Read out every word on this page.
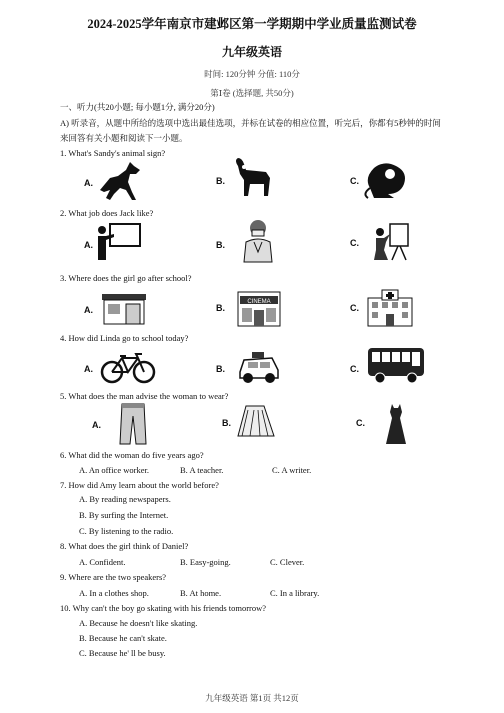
2024-2025学年南京市建邺区第一学期期中学业质量监测试卷
九年级英语
时间: 120分钟 分值: 110分
第Ⅰ卷 (选择题, 共50分)
一、听力(共20小题; 每小题1分, 满分20分)
A) 听录音，从题中所给的选项中选出最佳选项，并标在试卷的相应位置，听完后，你都有5秒钟的时间来回答有关小题和阅读下一小题。
1. What's Sandy's animal sign?
A.	B.	C.
2. What job does Jack like?
A.	B.	C.
3. Where does the girl go after school?
A.	B.	C.
CINEMA
4. How did Linda go to school today?
A.	B.	C.
5. What does the man advise the woman to wear?
A.	B.	C.
6. What did the woman do five years ago?
A. An office worker.	B. A teacher.	C. A writer.
7. How did Amy learn about the world before?
A. By reading newspapers.
B. By surfing the Internet.
C. By listening to the radio.
8. What does the girl think of Daniel?
A. Confident.	B. Easy-going.	C. Clever.
9. Where are the two speakers?
A. In a clothes shop.	B. At home.	C. In a library.
10. Why can't the boy go skating with his friends tomorrow?
A. Because he doesn't like skating.
B. Because he can't skate.
C. Because he' ll be busy.
九年级英语 第1页 共12页
